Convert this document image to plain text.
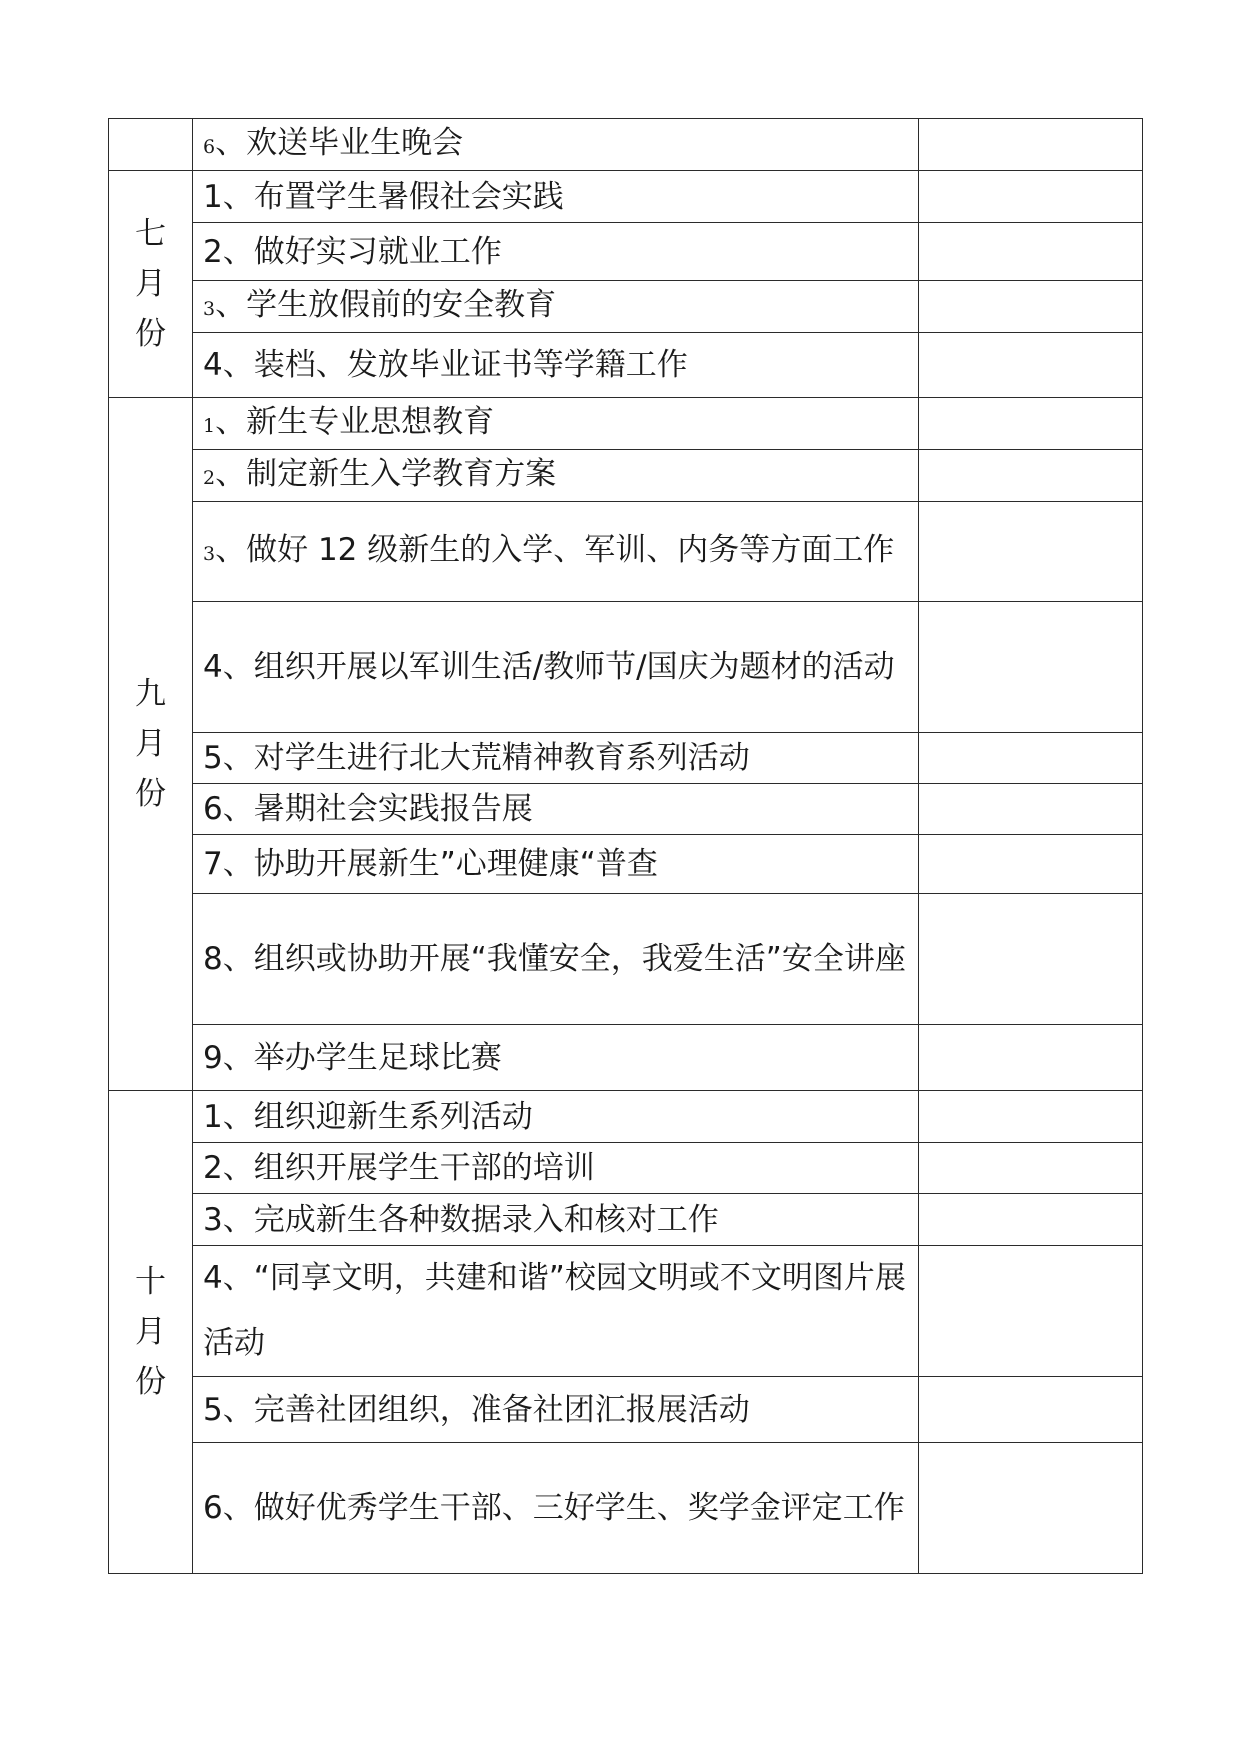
	6、欢送毕业生晚会	

七
月
份	1、布置学生暑假社会实践	
	2、做好实习就业工作	
	3、学生放假前的安全教育	
	4、装档、发放毕业证书等学籍工作	

九
月
份	1、新生专业思想教育	
	2、制定新生入学教育方案	
	3、做好 12 级新生的入学、军训、内务等方面工作	
	4、组织开展以军训生活/教师节/国庆为题材的活动	
	5、对学生进行北大荒精神教育系列活动	
	6、暑期社会实践报告展	
	7、协助开展新生”心理健康“普查	
	8、组织或协助开展“我懂安全，我爱生活”安全讲座	
	9、举办学生足球比赛	

十
月
份	1、组织迎新生系列活动	
	2、组织开展学生干部的培训	
	3、完成新生各种数据录入和核对工作	
	4、“同享文明，共建和谐”校园文明或不文明图片展活动	
	5、完善社团组织，准备社团汇报展活动	
	6、做好优秀学生干部、三好学生、奖学金评定工作	
